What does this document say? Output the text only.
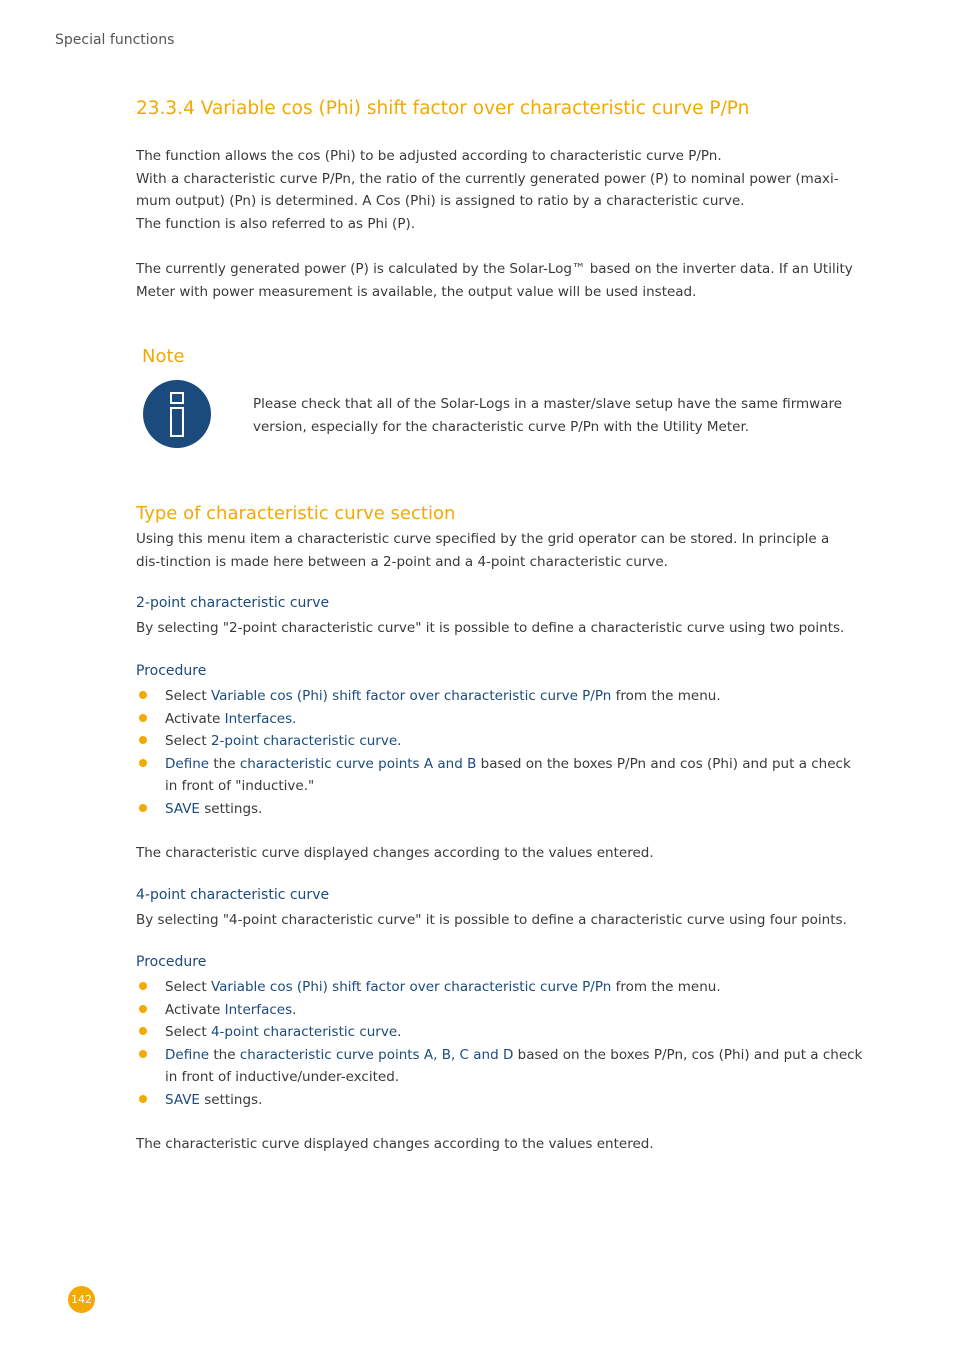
Special functions
23.3.4 Variable cos (Phi) shift factor over characteristic curve P/Pn

The function allows the cos (Phi) to be adjusted according to characteristic curve P/Pn.

With a characteristic curve P/Pn, the ratio of the currently generated power (P) to nominal power (maxi-mum output) (Pn) is determined. A Cos (Phi) is assigned to ratio by a characteristic curve.

The function is also referred to as Phi (P).

The currently generated power (P) is calculated by the Solar-Log™ based on the inverter data. If an Utility Meter with power measurement is available, the output value will be used instead.
Note
Please check that all of the Solar-Logs in a master/slave setup have the same firmware version, especially for the characteristic curve P/Pn with the Utility Meter.
Type of characteristic curve section
Using this menu item a characteristic curve specified by the grid operator can be stored. In principle a dis-tinction is made here between a 2-point and a 4-point characteristic curve.
2-point characteristic curve
By selecting "2-point characteristic curve" it is possible to define a characteristic curve using two points.
Procedure
Select Variable cos (Phi) shift factor over characteristic curve P/Pn from the menu.
Activate Interfaces.
Select 2-point characteristic curve.
Define the characteristic curve points A and B based on the boxes P/Pn and cos (Phi) and put a check in front of "inductive."
SAVE settings.
The characteristic curve displayed changes according to the values entered.
4-point characteristic curve
By selecting "4-point characteristic curve" it is possible to define a characteristic curve using four points.
Procedure
Select Variable cos (Phi) shift factor over characteristic curve P/Pn from the menu.
Activate Interfaces.
Select 4-point characteristic curve.
Define the characteristic curve points A, B, C and D based on the boxes P/Pn, cos (Phi) and put a check in front of inductive/under-excited.
SAVE settings.
The characteristic curve displayed changes according to the values entered.
142
